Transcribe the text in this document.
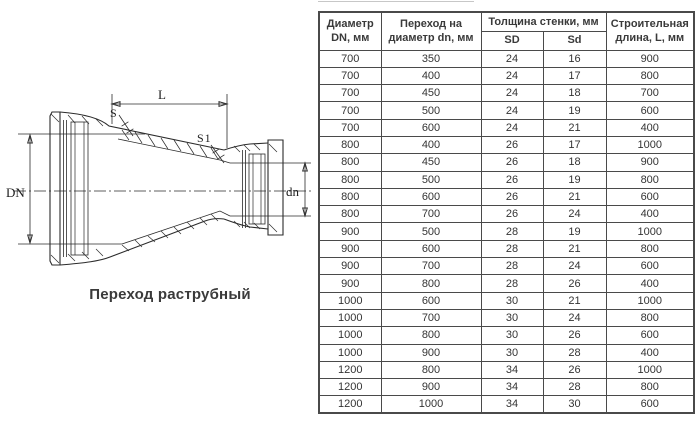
L
DN	dn
S
S1
Переход раструбный
Диаметр DN, мм	Переход на диаметр dn, мм	Толщина стенки, мм		Строительная длина, L, мм
		SD	Sd	
700	350	24	16	900
700	400	24	17	800
700	450	24	18	700
700	500	24	19	600
700	600	24	21	400
800	400	26	17	1000
800	450	26	18	900
800	500	26	19	800
800	600	26	21	600
800	700	26	24	400
900	500	28	19	1000
900	600	28	21	800
900	700	28	24	600
900	800	28	26	400
1000	600	30	21	1000
1000	700	30	24	800
1000	800	30	26	600
1000	900	30	28	400
1200	800	34	26	1000
1200	900	34	28	800
1200	1000	34	30	600
